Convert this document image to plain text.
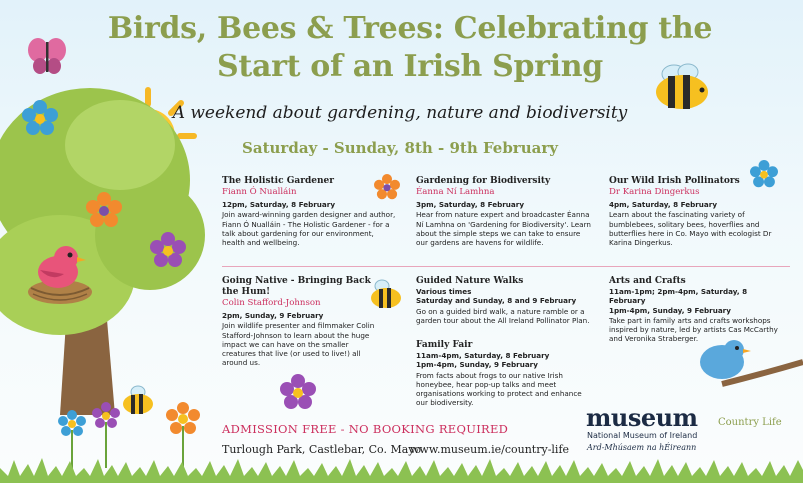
Birds, Bees & Trees: Celebrating the
Start of an Irish Spring
A weekend about gardening, nature and biodiversity
Saturday - Sunday, 8th - 9th February
The Holistic Gardener
Fiann Ó Nualláin
12pm, Saturday, 8 February

Join award-winning garden designer and author, Fiann Ó Nualláin - The Holistic Gardener - for a talk about gardening for our environment, health and wellbeing.

Gardening for Biodiversity
Éanna Ní Lamhna
3pm, Saturday, 8 February

Hear from nature expert and broadcaster Éanna Ní Lamhna on 'Gardening for Biodiversity'. Learn about the simple steps we can take to ensure our gardens are havens for wildlife.

Our Wild Irish Pollinators
Dr Karina Dingerkus
4pm, Saturday, 8 February

Learn about the fascinating variety of bumblebees, solitary bees, hoverflies and butterflies here in Co. Mayo with ecologist Dr Karina Dingerkus.

Going Native - Bringing Back the Hum!
Colin Stafford-Johnson
2pm, Sunday, 9 February

Join wildlife presenter and filmmaker Colin Stafford-Johnson to learn about the huge impact we can have on the smaller creatures that live (or used to live!) all around us.

Guided Nature Walks
Various times
Saturday and Sunday, 8 and 9 February

Go on a guided bird walk, a nature ramble or a garden tour about the All Ireland Pollinator Plan.

Family Fair
11am-4pm, Saturday, 8 February
1pm-4pm, Sunday, 9 February

From facts about frogs to our native Irish honeybee, hear pop-up talks and meet organisations working to protect and enhance our biodiversity.

Arts and Crafts
11am-1pm; 2pm-4pm, Saturday, 8 February
1pm-4pm, Sunday, 9 February

Take part in family arts and crafts workshops inspired by nature, led by artists Cas McCarthy and Veronika Straberger.

ADMISSION FREE - NO BOOKING REQUIRED
Turlough Park, Castlebar, Co. Mayo
www.museum.ie/country-life
museum
National Museum of Ireland
Ard-Mhúsaem na hÉireann
Country Life
